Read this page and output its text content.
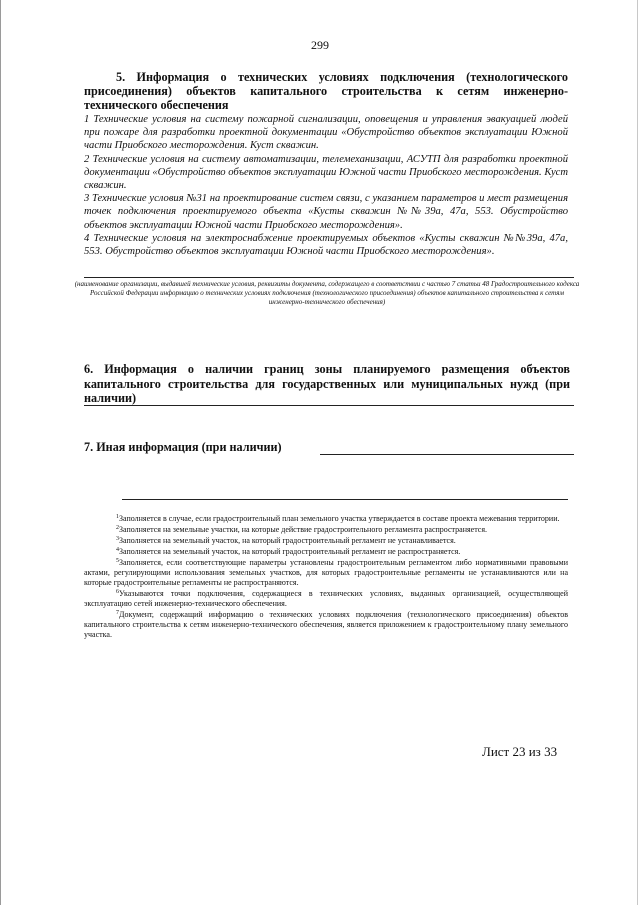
299
5. Информация о технических условиях подключения (технологического присоединения) объектов капитального строительства к сетям инженерно-технического обеспечения

1 Технические условия на систему пожарной сигнализации, оповещения и управления эвакуацией людей при пожаре для разработки проектной документации «Обустройство объектов эксплуатации Южной части Приобского месторождения. Куст скважин.

2 Технические условия на систему автоматизации, телемеханизации, АСУТП для разработки проектной документации «Обустройство объектов эксплуатации Южной части Приобского месторождения. Куст скважин.

3 Технические условия №31 на проектирование систем связи, с указанием параметров и мест размещения точек подключения проектируемого объекта «Кусты скважин №№39а, 47а, 553. Обустройство объектов эксплуатации Южной части Приобского месторождения».

4 Технические условия на электроснабжение проектируемых объектов «Кусты скважин №№39а, 47а, 553. Обустройство объектов эксплуатации Южной части Приобского месторождения».

(наименование организации, выдавшей технические условия, реквизиты документа, содержащего в соответствии с частью 7 статьи 48 Градостроительного кодекса Российской Федерации информацию о технических условиях подключения (технологического присоединения) объектов капитального строительства к сетям инженерно-технического обеспечения)
6. Информация о наличии границ зоны планируемого размещения объектов капитального строительства для государственных или муниципальных нужд (при наличии)
7. Иная информация (при наличии)

$^1$Заполняется в случае, если градостроительный план земельного участка утверждается в составе проекта межевания территории.

$^2$Заполняется на земельные участки, на которые действие градостроительного регламента распространяется.

$^3$Заполняется на земельный участок, на который градостроительный регламент не устанавливается.

$^4$Заполняется на земельный участок, на который градостроительный регламент не распространяется.

$^5$Заполняется, если соответствующие параметры установлены градостроительным регламентом либо нормативными правовыми актами, регулирующими использования земельных участков, для которых градостроительные регламенты не устанавливаются или на которые градостроительные регламенты не распространяются.

$^6$Указываются точки подключения, содержащиеся в технических условиях, выданных организацией, осуществляющей эксплуатацию сетей инженерно-технического обеспечения.

$^7$Документ, содержащий информацию о технических условиях подключения (технологического присоединения) объектов капитального строительства к сетям инженерно-технического обеспечения, является приложением к градостроительному плану земельного участка.

Лист 23 из 33
